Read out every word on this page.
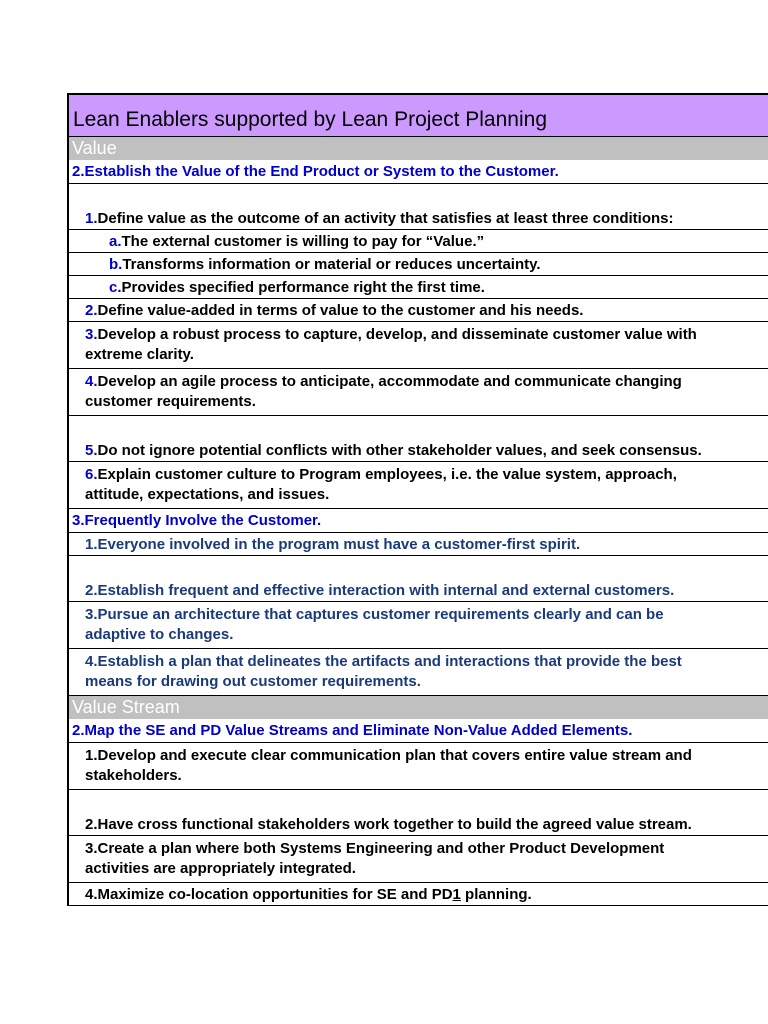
Lean Enablers supported by Lean Project Planning
Value
2.Establish the Value of the End Product or System to the Customer.
1.Define value as the outcome of an activity that satisfies at least three conditions:
a.The external customer is willing to pay for “Value.”
b.Transforms information or material or reduces uncertainty.
c.Provides specified performance right the first time.
2.Define value-added in terms of value to the customer and his needs.
3.Develop a robust process to capture, develop, and disseminate customer value with
extreme clarity.
4.Develop an agile process to anticipate, accommodate and communicate changing
customer requirements.
5.Do not ignore potential conflicts with other stakeholder values, and seek consensus.
6.Explain customer culture to Program employees, i.e. the value system, approach,
attitude, expectations, and issues.
3.Frequently Involve the Customer.
1.Everyone involved in the program must have a customer-first spirit.
2.Establish frequent and effective interaction with internal and external customers.
3.Pursue an architecture that captures customer requirements clearly and can be
adaptive to changes.
4.Establish a plan that delineates the artifacts and interactions that provide the best
means for drawing out customer requirements.
Value Stream
2.Map the SE and PD Value Streams and Eliminate Non-Value Added Elements.
1.Develop and execute clear communication plan that covers entire value stream and
stakeholders.
2.Have cross functional stakeholders work together to build the agreed value stream.
3.Create a plan where both Systems Engineering and other Product Development
activities are appropriately integrated.
4.Maximize co-location opportunities for SE and PD1 planning.
